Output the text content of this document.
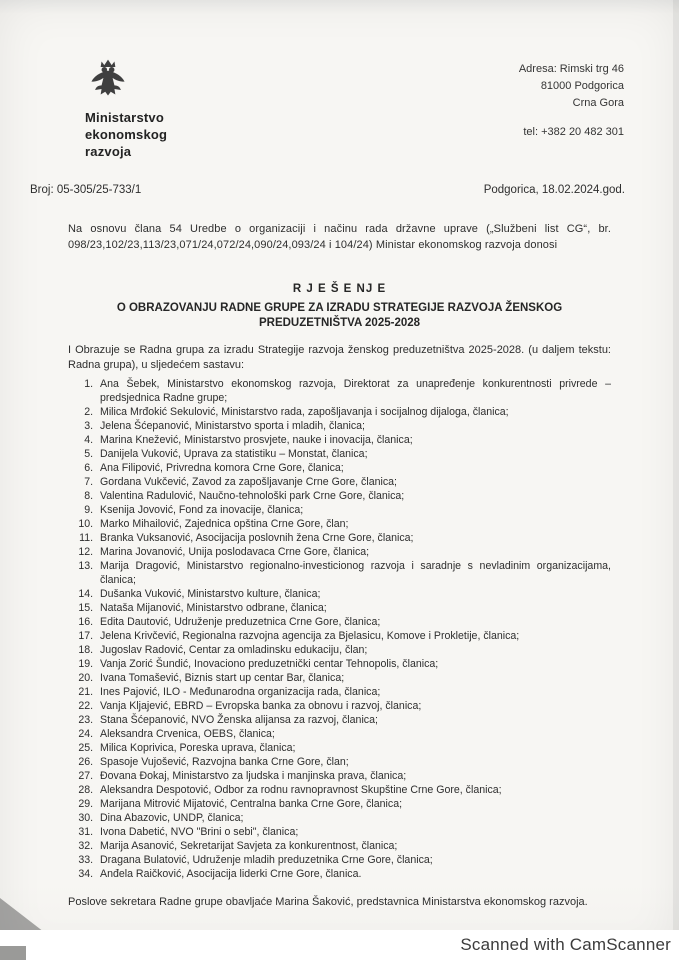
Ministarstvo
ekonomskog
razvoja
Adresa: Rimski trg 46
81000 Podgorica
Crna Gora
tel: +382 20 482 301
Broj: 05-305/25-733/1	Podgorica, 18.02.2024.god.

Na osnovu člana 54 Uredbe o organizaciji i načinu rada državne uprave („Službeni list CG“, br. 098/23,102/23,113/23,071/24,072/24,090/24,093/24 i 104/24) Ministar ekonomskog razvoja donosi

R J E Š E NJ E
O OBRAZOVANJU RADNE GRUPE ZA IZRADU STRATEGIJE RAZVOJA ŽENSKOG PREDUZETNIŠTVA 2025-2028

I Obrazuje se Radna grupa za izradu Strategije razvoja ženskog preduzetništva 2025-2028. (u daljem tekstu: Radna grupa), u sljedećem sastavu:

1. Ana Šebek, Ministarstvo ekonomskog razvoja, Direktorat za unapređenje konkurentnosti privrede – predsjednica Radne grupe;
2. Milica Mrđokić Sekulović, Ministarstvo rada, zapošljavanja i socijalnog dijaloga, članica;
3. Jelena Šćepanović, Ministarstvo sporta i mladih, članica;
4. Marina Knežević, Ministarstvo prosvjete, nauke i inovacija, članica;
5. Danijela Vuković, Uprava za statistiku – Monstat, članica;
6. Ana Filipović, Privredna komora Crne Gore, članica;
7. Gordana Vukčević, Zavod za zapošljavanje Crne Gore, članica;
8. Valentina Radulović, Naučno-tehnološki park Crne Gore, članica;
9. Ksenija Jovović, Fond za inovacije, članica;
10. Marko Mihailović, Zajednica opština Crne Gore, član;
11. Branka Vuksanović, Asocijacija poslovnih žena Crne Gore, članica;
12. Marina Jovanović, Unija poslodavaca Crne Gore, članica;
13. Marija Dragović, Ministarstvo regionalno-investicionog razvoja i saradnje s nevladinim organizacijama, članica;
14. Dušanka Vuković, Ministarstvo kulture, članica;
15. Nataša Mijanović, Ministarstvo odbrane, članica;
16. Edita Dautović, Udruženje preduzetnica Crne Gore, članica;
17. Jelena Krivčević, Regionalna razvojna agencija za Bjelasicu, Komove i Prokletije, članica;
18. Jugoslav Radović, Centar za omladinsku edukaciju, član;
19. Vanja Zorić Šundić, Inovaciono preduzetnički centar Tehnopolis, članica;
20. Ivana Tomašević, Biznis start up centar Bar, članica;
21. Ines Pajović, ILO - Međunarodna organizacija rada, članica;
22. Vanja Kljajević, EBRD – Evropska banka za obnovu i razvoj, članica;
23. Stana Šćepanović, NVO Ženska alijansa za razvoj, članica;
24. Aleksandra Crvenica, OEBS, članica;
25. Milica Koprivica, Poreska uprava, članica;
26. Spasoje Vujošević, Razvojna banka Crne Gore, član;
27. Đovana Đokaj, Ministarstvo za ljudska i manjinska prava, članica;
28. Aleksandra Despotović, Odbor za rodnu ravnopravnost Skupštine Crne Gore, članica;
29. Marijana Mitrović Mijatović, Centralna banka Crne Gore, članica;
30. Dina Abazovic, UNDP, članica;
31. Ivona Dabetić, NVO "Brini o sebi", članica;
32. Marija Asanović, Sekretarijat Savjeta za konkurentnost, članica;
33. Dragana Bulatović, Udruženje mladih preduzetnika Crne Gore, članica;
34. Anđela Raičković, Asocijacija liderki Crne Gore, članica.

Poslove sekretara Radne grupe obavljaće Marina Šaković, predstavnica Ministarstva ekonomskog razvoja.

Scanned with CamScanner
